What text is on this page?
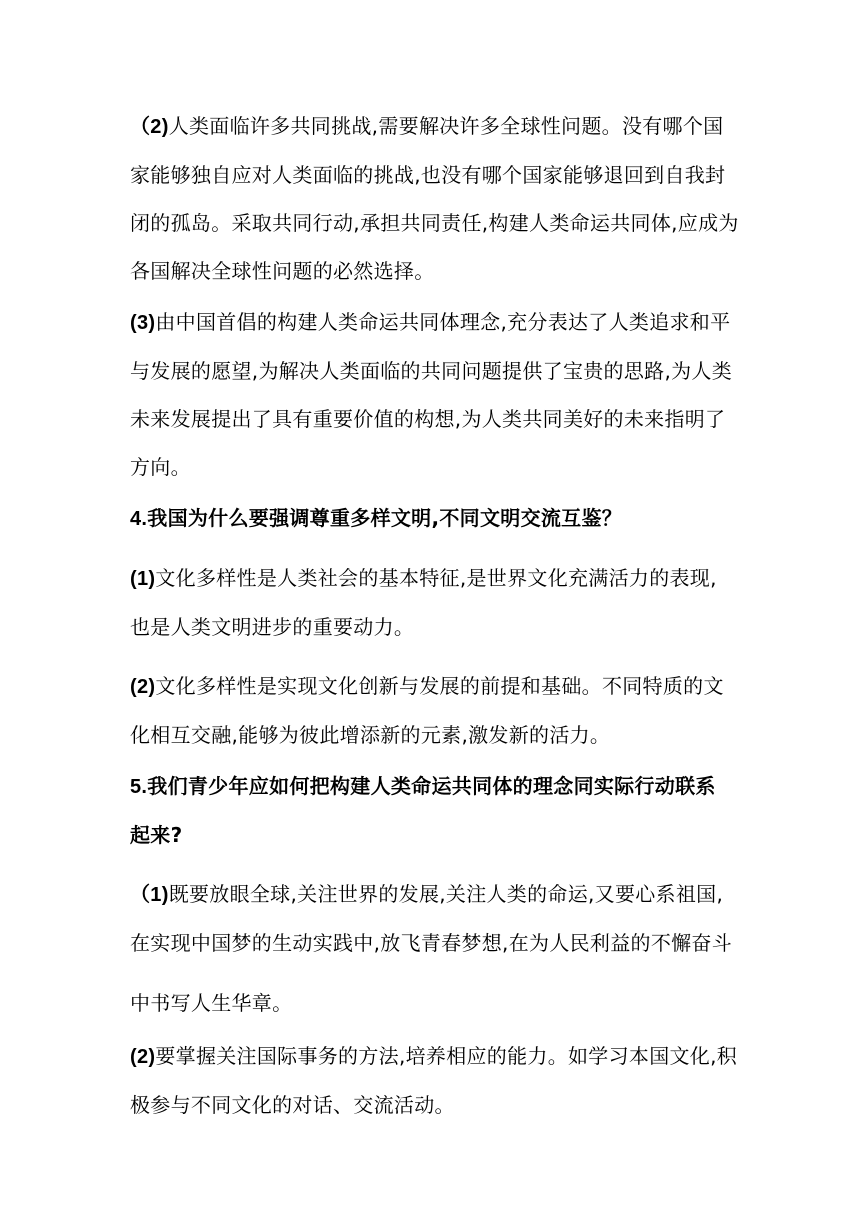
（2)人类面临许多共同挑战,需要解决许多全球性问题。没有哪个国
家能够独自应对人类面临的挑战,也没有哪个国家能够退回到自我封
闭的孤岛。采取共同行动,承担共同责任,构建人类命运共同体,应成为
各国解决全球性问题的必然选择。

(3)由中国首倡的构建人类命运共同体理念,充分表达了人类追求和平
与发展的愿望,为解决人类面临的共同问题提供了宝贵的思路,为人类
未来发展提出了具有重要价值的构想,为人类共同美好的未来指明了
方向。

4.我国为什么要强调尊重多样文明,不同文明交流互鉴？

(1)文化多样性是人类社会的基本特征,是世界文化充满活力的表现,
也是人类文明进步的重要动力。

(2)文化多样性是实现文化创新与发展的前提和基础。不同特质的文
化相互交融,能够为彼此增添新的元素,激发新的活力。

5.我们青少年应如何把构建人类命运共同体的理念同实际行动联系
起来?

（1)既要放眼全球,关注世界的发展,关注人类的命运,又要心系祖国,
在实现中国梦的生动实践中,放飞青春梦想,在为人民利益的不懈奋斗
中书写人生华章。

(2)要掌握关注国际事务的方法,培养相应的能力。如学习本国文化,积
极参与不同文化的对话、交流活动。
